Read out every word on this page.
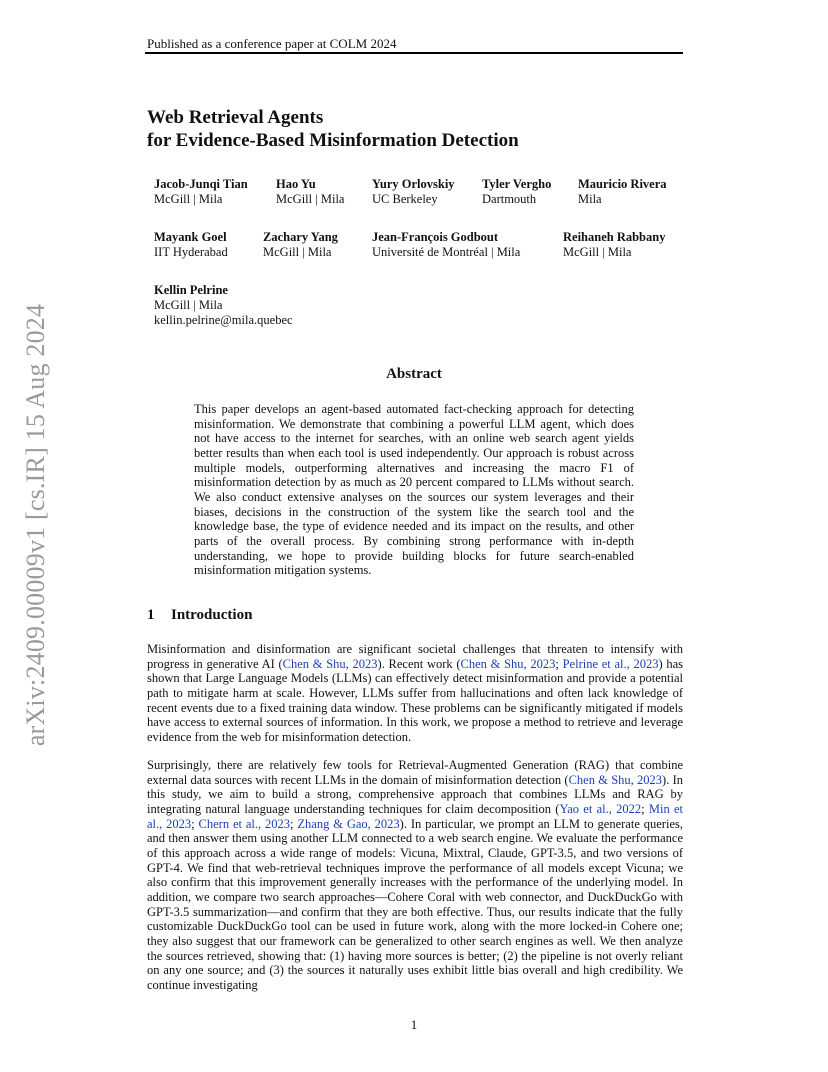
Published as a conference paper at COLM 2024
arXiv:2409.00009v1 [cs.IR] 15 Aug 2024
Web Retrieval Agents
for Evidence-Based Misinformation Detection
Jacob-Junqi Tian
McGill | Mila
Hao Yu
McGill | Mila
Yury Orlovskiy
UC Berkeley
Tyler Vergho
Dartmouth
Mauricio Rivera
Mila
Mayank Goel
IIT Hyderabad
Zachary Yang
McGill | Mila
Jean-François Godbout
Université de Montréal | Mila
Reihaneh Rabbany
McGill | Mila
Kellin Pelrine
McGill | Mila
kellin.pelrine@mila.quebec
Abstract
This paper develops an agent-based automated fact-checking approach for detecting misinformation. We demonstrate that combining a powerful LLM agent, which does not have access to the internet for searches, with an online web search agent yields better results than when each tool is used independently. Our approach is robust across multiple models, outperforming alternatives and increasing the macro F1 of misinformation detection by as much as 20 percent compared to LLMs without search. We also conduct extensive analyses on the sources our system leverages and their biases, decisions in the construction of the system like the search tool and the knowledge base, the type of evidence needed and its impact on the results, and other parts of the overall process. By combining strong performance with in-depth understanding, we hope to provide building blocks for future search-enabled misinformation mitigation systems.
1 Introduction
Misinformation and disinformation are significant societal challenges that threaten to intensify with progress in generative AI (Chen & Shu, 2023). Recent work (Chen & Shu, 2023; Pelrine et al., 2023) has shown that Large Language Models (LLMs) can effectively detect misinformation and provide a potential path to mitigate harm at scale. However, LLMs suffer from hallucinations and often lack knowledge of recent events due to a fixed training data window. These problems can be significantly mitigated if models have access to external sources of information. In this work, we propose a method to retrieve and leverage evidence from the web for misinformation detection.
Surprisingly, there are relatively few tools for Retrieval-Augmented Generation (RAG) that combine external data sources with recent LLMs in the domain of misinformation detection (Chen & Shu, 2023). In this study, we aim to build a strong, comprehensive approach that combines LLMs and RAG by integrating natural language understanding techniques for claim decomposition (Yao et al., 2022; Min et al., 2023; Chern et al., 2023; Zhang & Gao, 2023). In particular, we prompt an LLM to generate queries, and then answer them using another LLM connected to a web search engine. We evaluate the performance of this approach across a wide range of models: Vicuna, Mixtral, Claude, GPT-3.5, and two versions of GPT-4. We find that web-retrieval techniques improve the performance of all models except Vicuna; we also confirm that this improvement generally increases with the performance of the underlying model. In addition, we compare two search approaches—Cohere Coral with web connector, and DuckDuckGo with GPT-3.5 summarization—and confirm that they are both effective. Thus, our results indicate that the fully customizable DuckDuckGo tool can be used in future work, along with the more locked-in Cohere one; they also suggest that our framework can be generalized to other search engines as well. We then analyze the sources retrieved, showing that: (1) having more sources is better; (2) the pipeline is not overly reliant on any one source; and (3) the sources it naturally uses exhibit little bias overall and high credibility. We continue investigating
1
